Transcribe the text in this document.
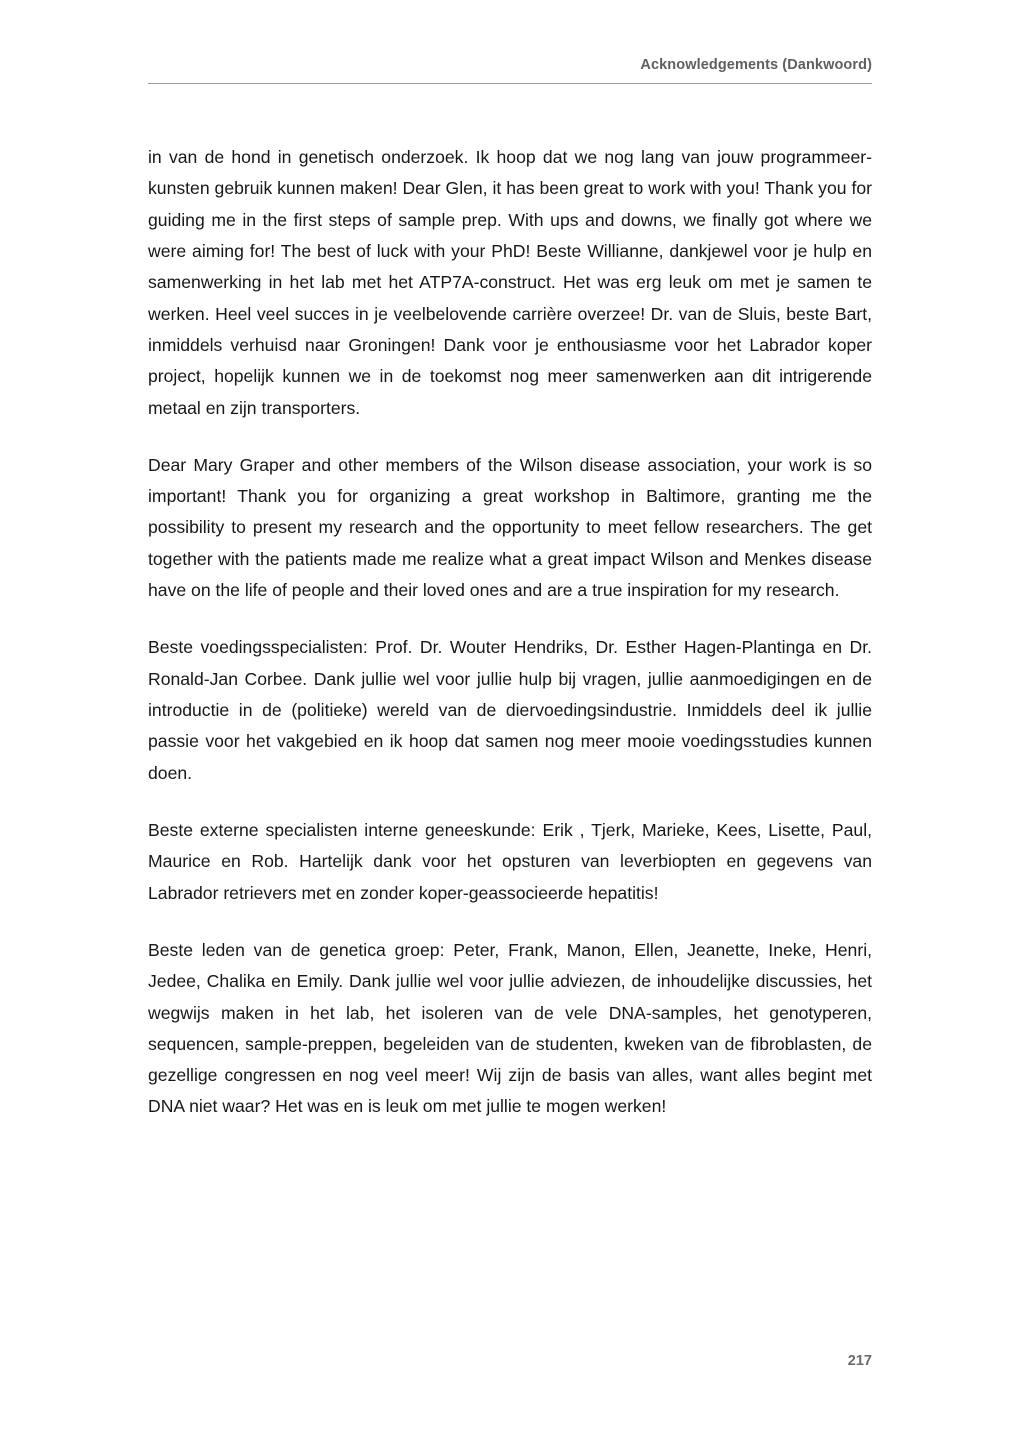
Acknowledgements (Dankwoord)

in van de hond in genetisch onderzoek. Ik hoop dat we nog lang van jouw programmeer-kunsten gebruik kunnen maken! Dear Glen, it has been great to work with you! Thank you for guiding me in the first steps of sample prep. With ups and downs, we finally got where we were aiming for! The best of luck with your PhD! Beste Willianne, dankjewel voor je hulp en samenwerking in het lab met het ATP7A-construct. Het was erg leuk om met je samen te werken. Heel veel succes in je veelbelovende carrière overzee! Dr. van de Sluis, beste Bart, inmiddels verhuisd naar Groningen! Dank voor je enthousiasme voor het Labrador koper project, hopelijk kunnen we in de toekomst nog meer samenwerken aan dit intrigerende metaal en zijn transporters.

Dear Mary Graper and other members of the Wilson disease association, your work is so important! Thank you for organizing a great workshop in Baltimore, granting me the possibility to present my research and the opportunity to meet fellow researchers. The get together with the patients made me realize what a great impact Wilson and Menkes disease have on the life of people and their loved ones and are a true inspiration for my research.

Beste voedingsspecialisten: Prof. Dr. Wouter Hendriks, Dr. Esther Hagen-Plantinga en Dr. Ronald-Jan Corbee. Dank jullie wel voor jullie hulp bij vragen, jullie aanmoedigingen en de introductie in de (politieke) wereld van de diervoedingsindustrie. Inmiddels deel ik jullie passie voor het vakgebied en ik hoop dat samen nog meer mooie voedingsstudies kunnen doen.

Beste externe specialisten interne geneeskunde: Erik , Tjerk, Marieke, Kees, Lisette, Paul, Maurice en Rob. Hartelijk dank voor het opsturen van leverbiopten en gegevens van Labrador retrievers met en zonder koper-geassocieerde hepatitis!

Beste leden van de genetica groep: Peter, Frank, Manon, Ellen, Jeanette, Ineke, Henri, Jedee, Chalika en Emily. Dank jullie wel voor jullie adviezen, de inhoudelijke discussies, het wegwijs maken in het lab, het isoleren van de vele DNA-samples, het genotyperen, sequencen, sample-preppen, begeleiden van de studenten, kweken van de fibroblasten, de gezellige congressen en nog veel meer! Wij zijn de basis van alles, want alles begint met DNA niet waar? Het was en is leuk om met jullie te mogen werken!

217
